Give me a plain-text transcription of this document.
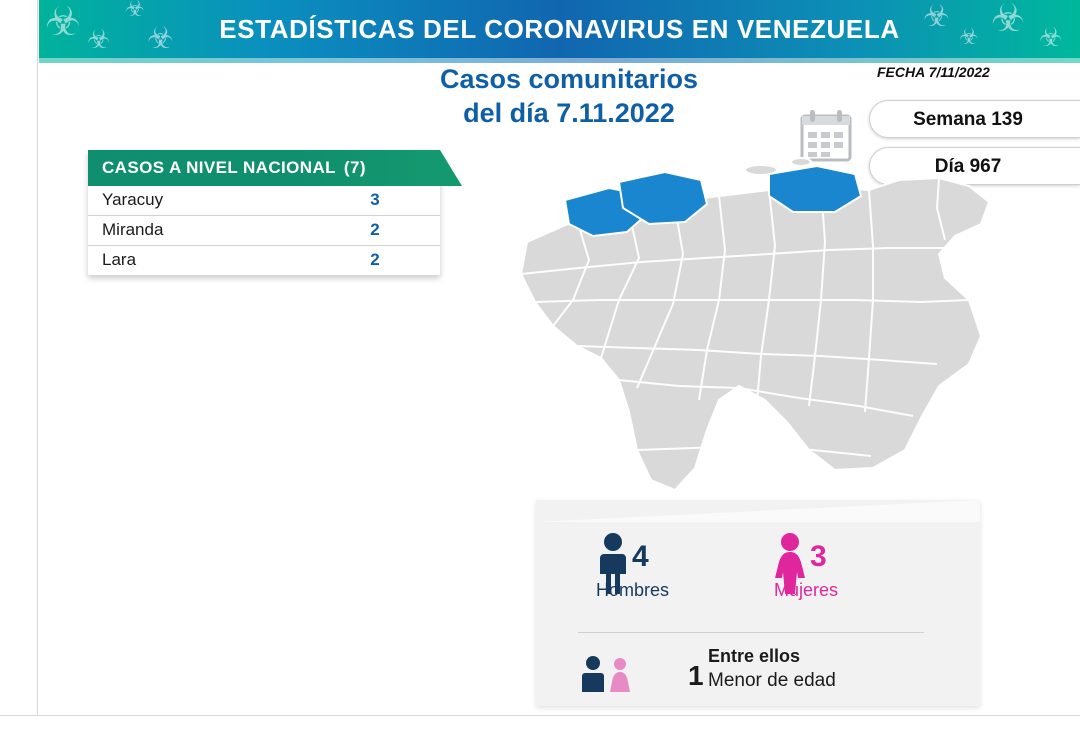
☣ ☣
☣
☣
☣
☣ ☣ ☣
ESTADÍSTICAS DEL CORONAVIRUS EN VENEZUELA
Casos comunitarios
del día 7.11.2022
FECHA 7/11/2022
Semana 139
Día 967
CASOS A NIVEL NACIONAL (7)
Yaracuy	3
Miranda	2
Lara	2
4
Hombres
3
Mujeres
Entre ellos
1 Menor de edad
